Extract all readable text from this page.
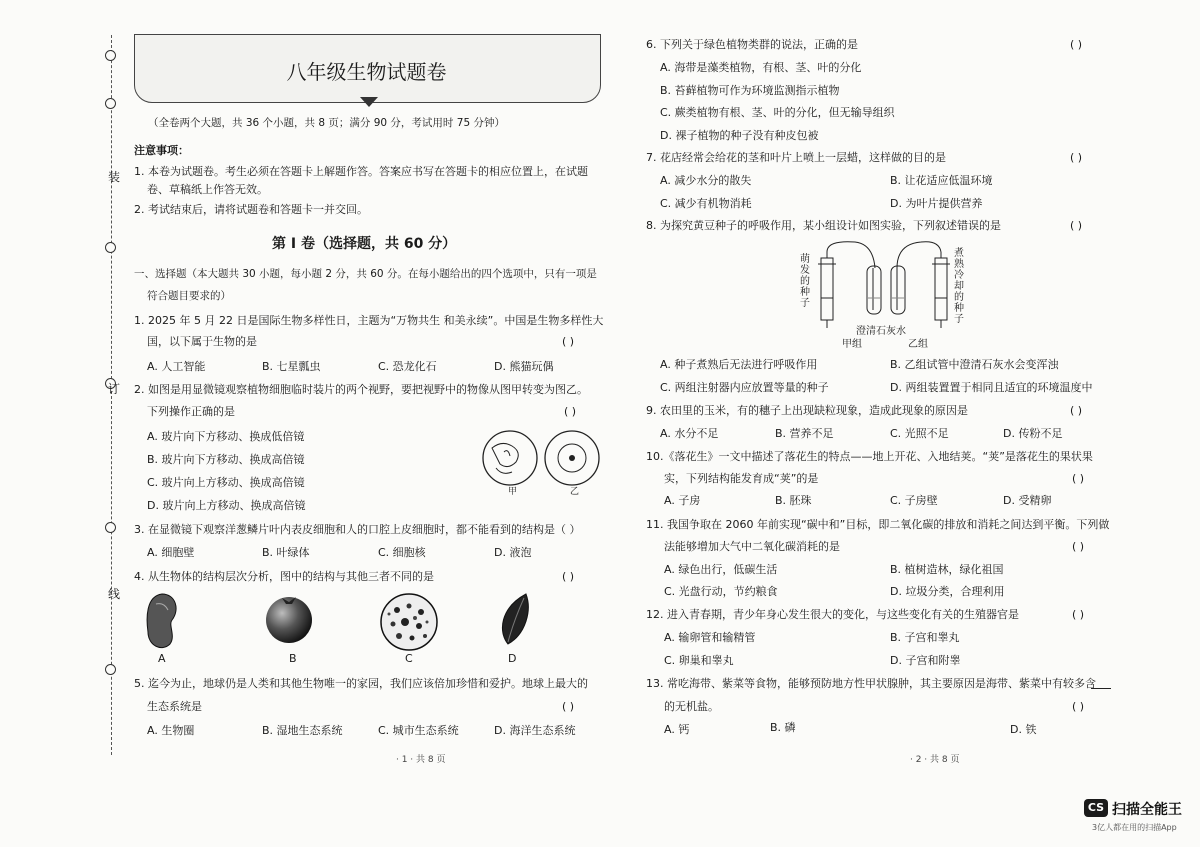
装
订
线
八年级生物试题卷
（全卷两个大题，共 36 个小题，共 8 页；满分 90 分，考试用时 75 分钟）
注意事项：
1. 本卷为试题卷。考生必须在答题卡上解题作答。答案应书写在答题卡的相应位置上，在试题
卷、草稿纸上作答无效。
2. 考试结束后，请将试题卷和答题卡一并交回。
第 Ⅰ 卷（选择题，共 60 分）
一、选择题（本大题共 30 小题，每小题 2 分，共 60 分。在每小题给出的四个选项中，只有一项是
符合题目要求的）
1. 2025 年 5 月 22 日是国际生物多样性日，主题为“万物共生 和美永续”。中国是生物多样性大
国，以下属于生物的是	( )
A. 人工智能	B. 七星瓢虫	C. 恐龙化石	D. 熊猫玩偶
2. 如图是用显微镜观察植物细胞临时装片的两个视野，要把视野中的物像从图甲转变为图乙。
下列操作正确的是	( )
A. 玻片向下方移动、换成低倍镜
B. 玻片向下方移动、换成高倍镜
C. 玻片向上方移动、换成高倍镜
D. 玻片向上方移动、换成高倍镜
甲	乙
3. 在显微镜下观察洋葱鳞片叶内表皮细胞和人的口腔上皮细胞时，都不能看到的结构是（ ）
A. 细胞壁	B. 叶绿体	C. 细胞核	D. 液泡
4. 从生物体的结构层次分析，图中的结构与其他三者不同的是	( )
A	B	C	D
5. 迄今为止，地球仍是人类和其他生物唯一的家园，我们应该倍加珍惜和爱护。地球上最大的
生态系统是	( )
A. 生物圈	B. 湿地生态系统	C. 城市生态系统	D. 海洋生态系统
· 1 · 共 8 页
6. 下列关于绿色植物类群的说法，正确的是	( )
A. 海带是藻类植物，有根、茎、叶的分化
B. 苔藓植物可作为环境监测指示植物
C. 蕨类植物有根、茎、叶的分化，但无输导组织
D. 裸子植物的种子没有种皮包被
7. 花店经常会给花的茎和叶片上喷上一层蜡，这样做的目的是	( )
A. 减少水分的散失	B. 让花适应低温环境
C. 减少有机物消耗	D. 为叶片提供营养
8. 为探究黄豆种子的呼吸作用，某小组设计如图实验，下列叙述错误的是	( )
萌发的种子
煮熟冷却的种子
澄清石灰水
甲组	乙组
A. 种子煮熟后无法进行呼吸作用	B. 乙组试管中澄清石灰水会变浑浊
C. 两组注射器内应放置等量的种子	D. 两组装置置于相同且适宜的环境温度中
9. 农田里的玉米，有的穗子上出现缺粒现象，造成此现象的原因是	( )
A. 水分不足	B. 营养不足	C. 光照不足	D. 传粉不足
10.《落花生》一文中描述了落花生的特点——地上开花、入地结荚。“荚”是落花生的果状果
实，下列结构能发育成“荚”的是	( )
A. 子房	B. 胚珠	C. 子房壁	D. 受精卵
11. 我国争取在 2060 年前实现“碳中和”目标，即二氧化碳的排放和消耗之间达到平衡。下列做
法能够增加大气中二氧化碳消耗的是	( )
A. 绿色出行，低碳生活	B. 植树造林，绿化祖国
C. 光盘行动，节约粮食	D. 垃圾分类，合理利用
12. 进入青春期，青少年身心发生很大的变化，与这些变化有关的生殖器官是	( )
A. 输卵管和输精管	B. 子宫和睾丸
C. 卵巢和睾丸	D. 子宫和附睾
13. 常吃海带、紫菜等食物，能够预防地方性甲状腺肿，其主要原因是海带、紫菜中有较多含
的无机盐。	( )
A. 钙	B. 磷	D. 铁
· 2 · 共 8 页
CS 扫描全能王
3亿人都在用的扫描App
